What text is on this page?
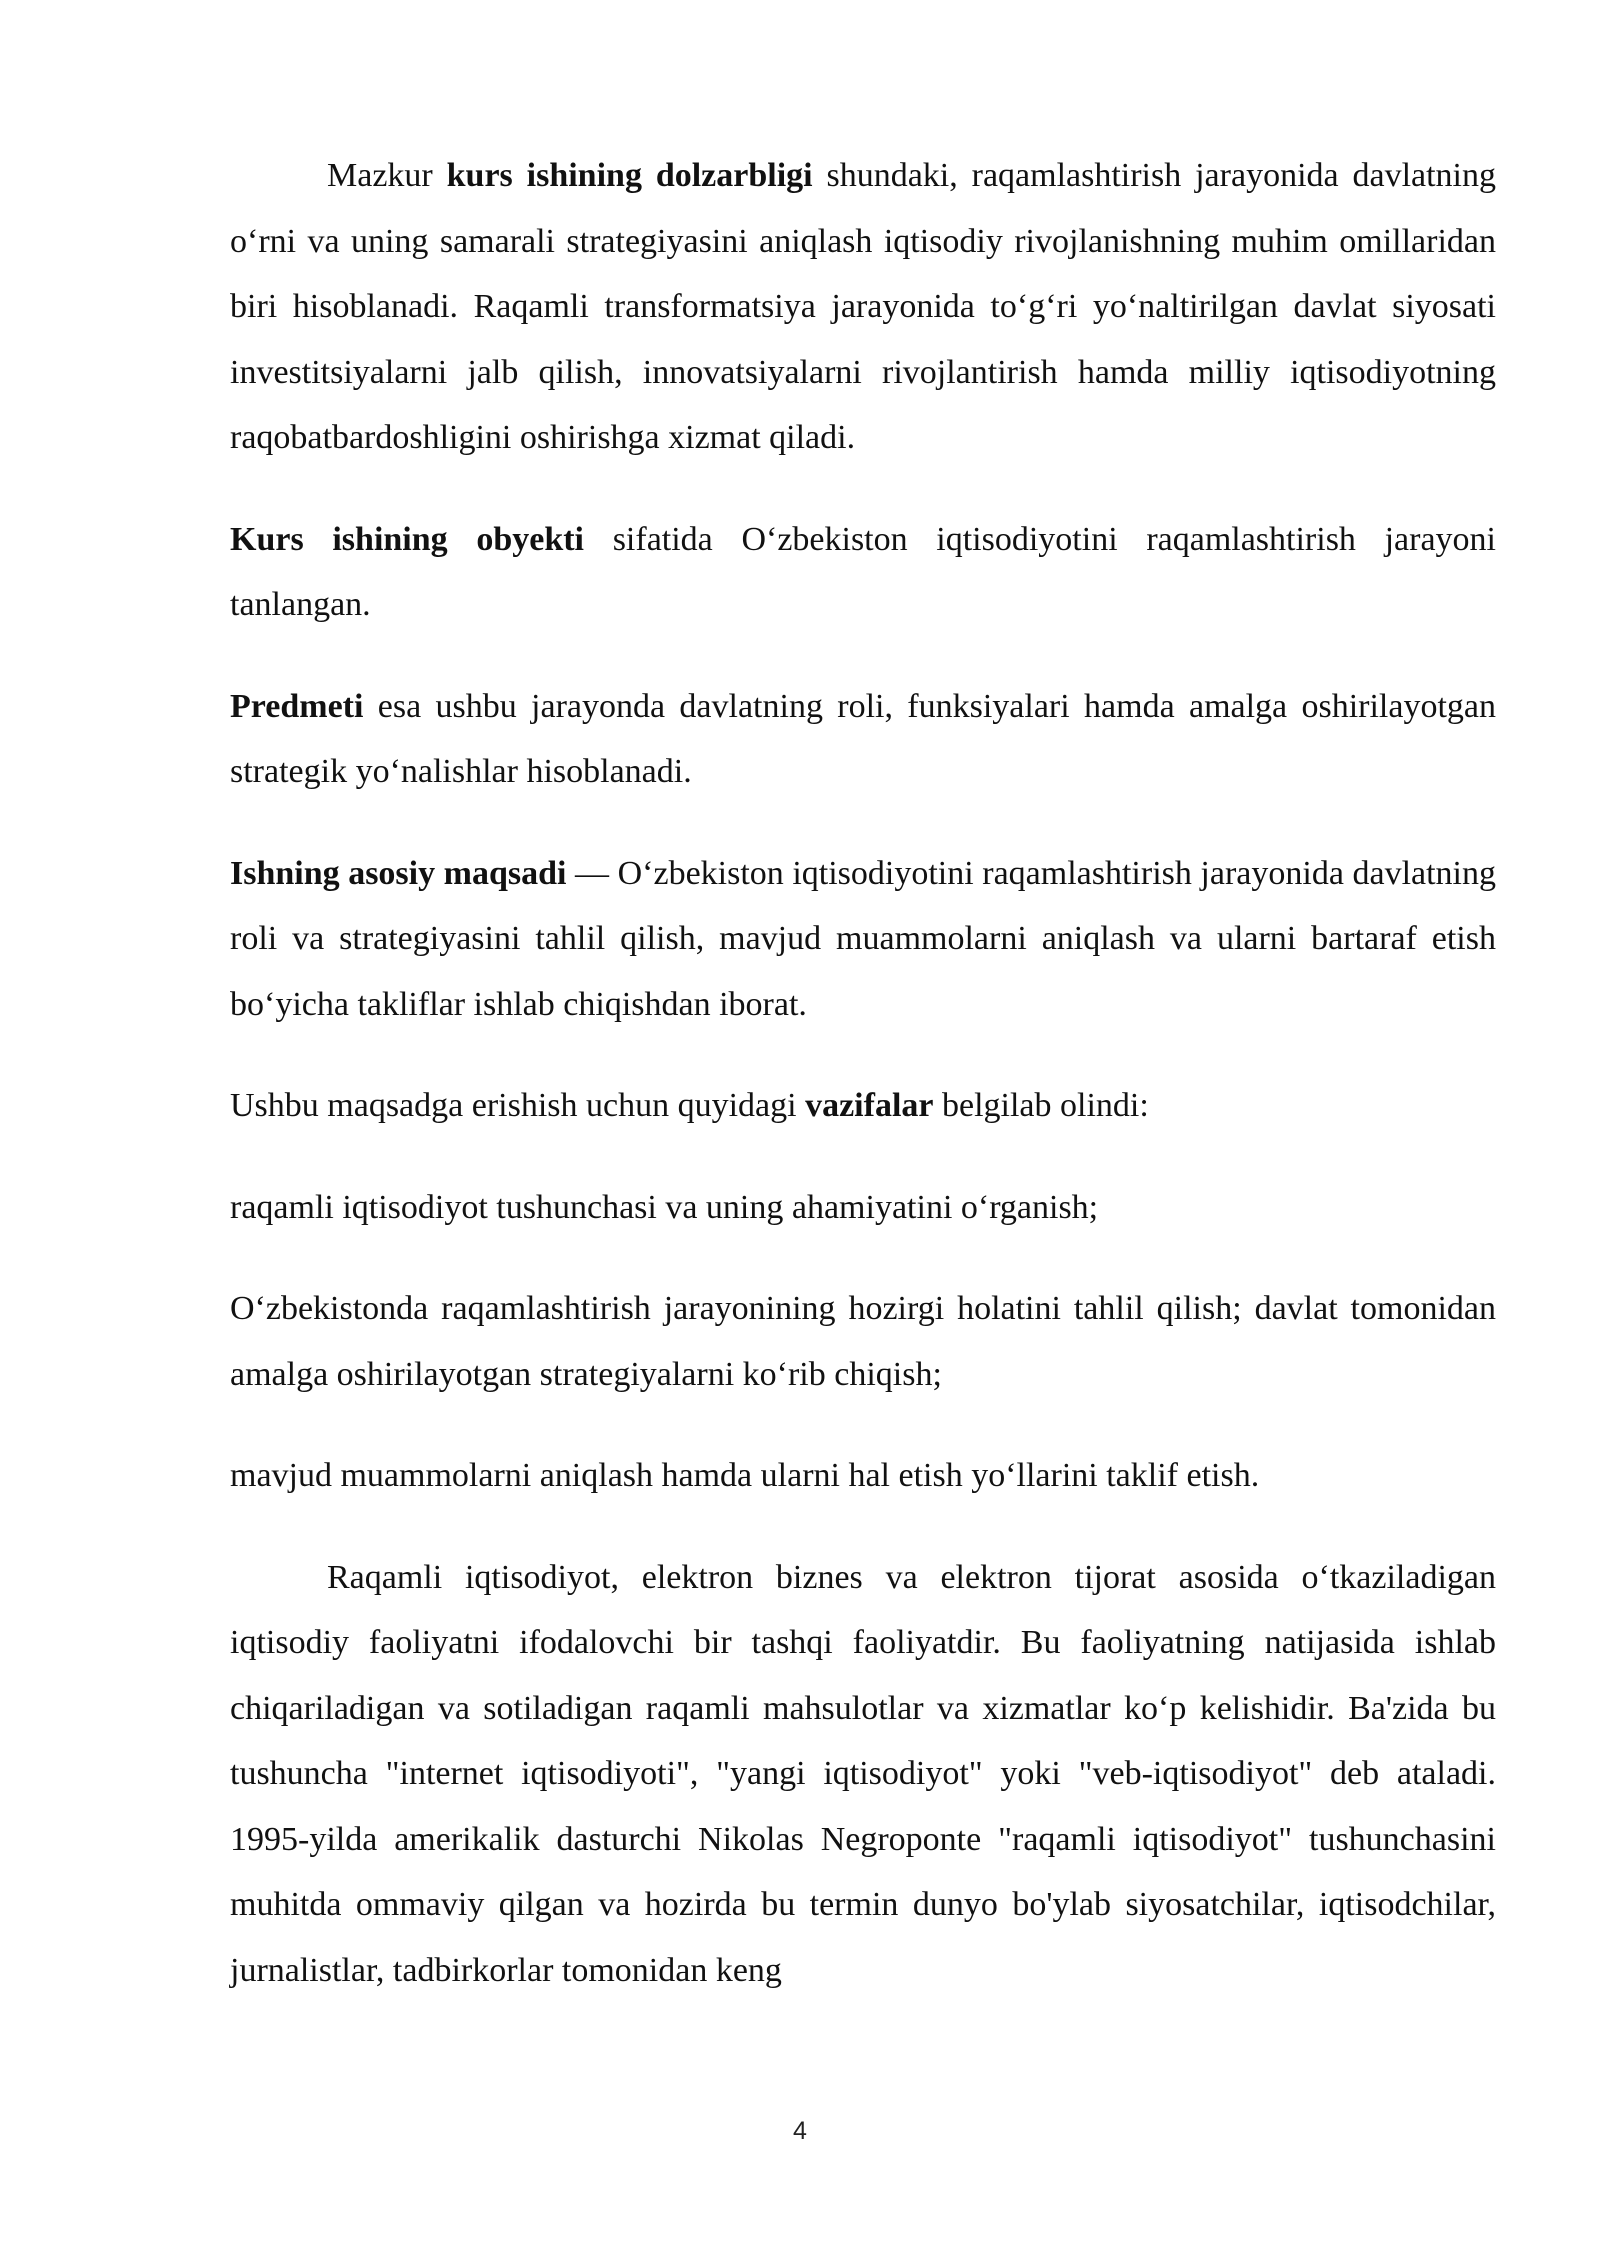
Mazkur kurs ishining dolzarbligi shundaki, raqamlashtirish jarayonida davlatning o‘rni va uning samarali strategiyasini aniqlash iqtisodiy rivojlanishning muhim omillaridan biri hisoblanadi. Raqamli transformatsiya jarayonida to‘g‘ri yo‘naltirilgan davlat siyosati investitsiyalarni jalb qilish, innovatsiyalarni rivojlantirish hamda milliy iqtisodiyotning raqobatbardoshligini oshirishga xizmat qiladi.

Kurs ishining obyekti sifatida O‘zbekiston iqtisodiyotini raqamlashtirish jarayoni tanlangan.

Predmeti esa ushbu jarayonda davlatning roli, funksiyalari hamda amalga oshirilayotgan strategik yo‘nalishlar hisoblanadi.

Ishning asosiy maqsadi — O‘zbekiston iqtisodiyotini raqamlashtirish jarayonida davlatning roli va strategiyasini tahlil qilish, mavjud muammolarni aniqlash va ularni bartaraf etish bo‘yicha takliflar ishlab chiqishdan iborat.

Ushbu maqsadga erishish uchun quyidagi vazifalar belgilab olindi:

raqamli iqtisodiyot tushunchasi va uning ahamiyatini o‘rganish;

O‘zbekistonda raqamlashtirish jarayonining hozirgi holatini tahlil qilish; davlat tomonidan amalga oshirilayotgan strategiyalarni ko‘rib chiqish;

mavjud muammolarni aniqlash hamda ularni hal etish yo‘llarini taklif etish.

Raqamli iqtisodiyot, elektron biznes va elektron tijorat asosida o‘tkaziladigan iqtisodiy faoliyatni ifodalovchi bir tashqi faoliyatdir. Bu faoliyatning natijasida ishlab chiqariladigan va sotiladigan raqamli mahsulotlar va xizmatlar ko‘p kelishidir. Ba'zida bu tushuncha "internet iqtisodiyoti", "yangi iqtisodiyot" yoki "veb-iqtisodiyot" deb ataladi. 1995-yilda amerikalik dasturchi Nikolas Negroponte "raqamli iqtisodiyot" tushunchasini muhitda ommaviy qilgan va hozirda bu termin dunyo bo'ylab siyosatchilar, iqtisodchilar, jurnalistlar, tadbirkorlar tomonidan keng

4
